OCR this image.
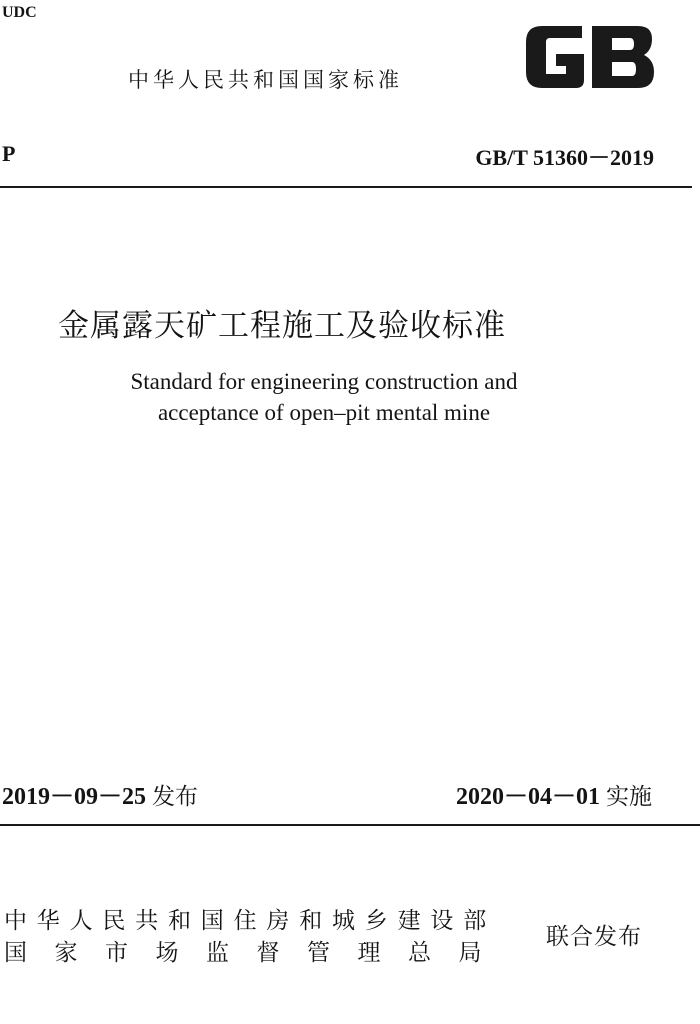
UDC
中华人民共和国国家标准
P	GB/T 51360－2019
金属露天矿工程施工及验收标准
Standard for engineering construction and
acceptance of open–pit mental mine
2019－09－25 发布	2020－04－01 实施
中华人民共和国住房和城乡建设部
国家市场监督管理总局
联合发布
